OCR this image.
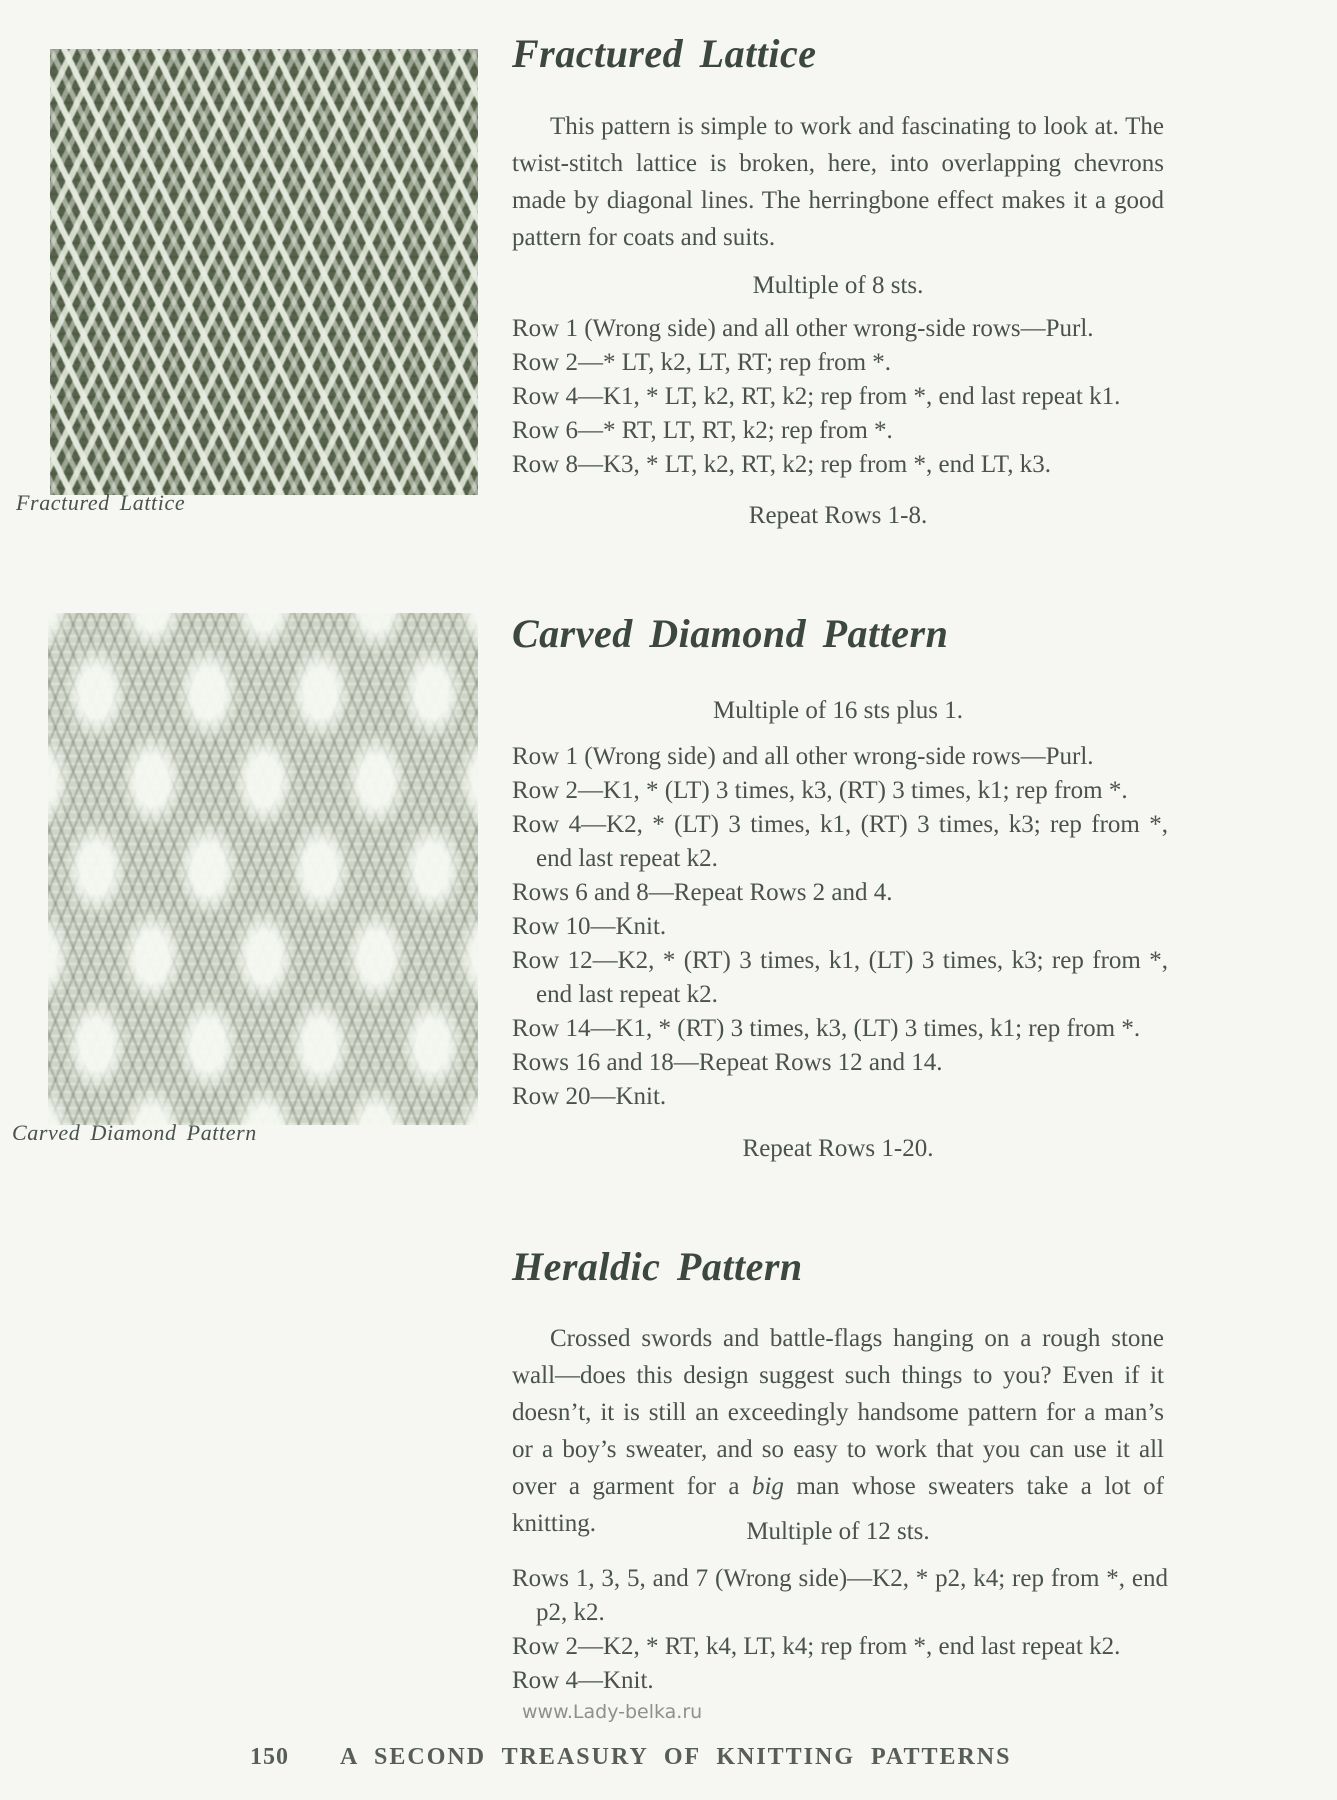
Fractured Lattice
Carved Diamond Pattern
Fractured Lattice

This pattern is simple to work and fascinating to look at. The twist-stitch lattice is broken, here, into overlapping chevrons made by diagonal lines. The herringbone effect makes it a good pattern for coats and suits.

Multiple of 8 sts.

Row 1 (Wrong side) and all other wrong-side rows—Purl.

Row 2—* LT, k2, LT, RT; rep from *.

Row 4—K1, * LT, k2, RT, k2; rep from *, end last repeat k1.

Row 6—* RT, LT, RT, k2; rep from *.

Row 8—K3, * LT, k2, RT, k2; rep from *, end LT, k3.

Repeat Rows 1-8.

Carved Diamond Pattern

Multiple of 16 sts plus 1.

Row 1 (Wrong side) and all other wrong-side rows—Purl.

Row 2—K1, * (LT) 3 times, k3, (RT) 3 times, k1; rep from *.

Row 4—K2, * (LT) 3 times, k1, (RT) 3 times, k3; rep from *, end last repeat k2.

Rows 6 and 8—Repeat Rows 2 and 4.

Row 10—Knit.

Row 12—K2, * (RT) 3 times, k1, (LT) 3 times, k3; rep from *, end last repeat k2.

Row 14—K1, * (RT) 3 times, k3, (LT) 3 times, k1; rep from *.

Rows 16 and 18—Repeat Rows 12 and 14.

Row 20—Knit.

Repeat Rows 1-20.

Heraldic Pattern

Crossed swords and battle-flags hanging on a rough stone wall—does this design suggest such things to you? Even if it doesn’t, it is still an exceedingly handsome pattern for a man’s or a boy’s sweater, and so easy to work that you can use it all over a garment for a big man whose sweaters take a lot of knitting.	Multiple of 12 sts.

Rows 1, 3, 5, and 7 (Wrong side)—K2, * p2, k4; rep from *, end p2, k2.

Row 2—K2, * RT, k4, LT, k4; rep from *, end last repeat k2.

Row 4—Knit.

www.Lady-belka.ru
150 A SECOND TREASURY OF KNITTING PATTERNS
